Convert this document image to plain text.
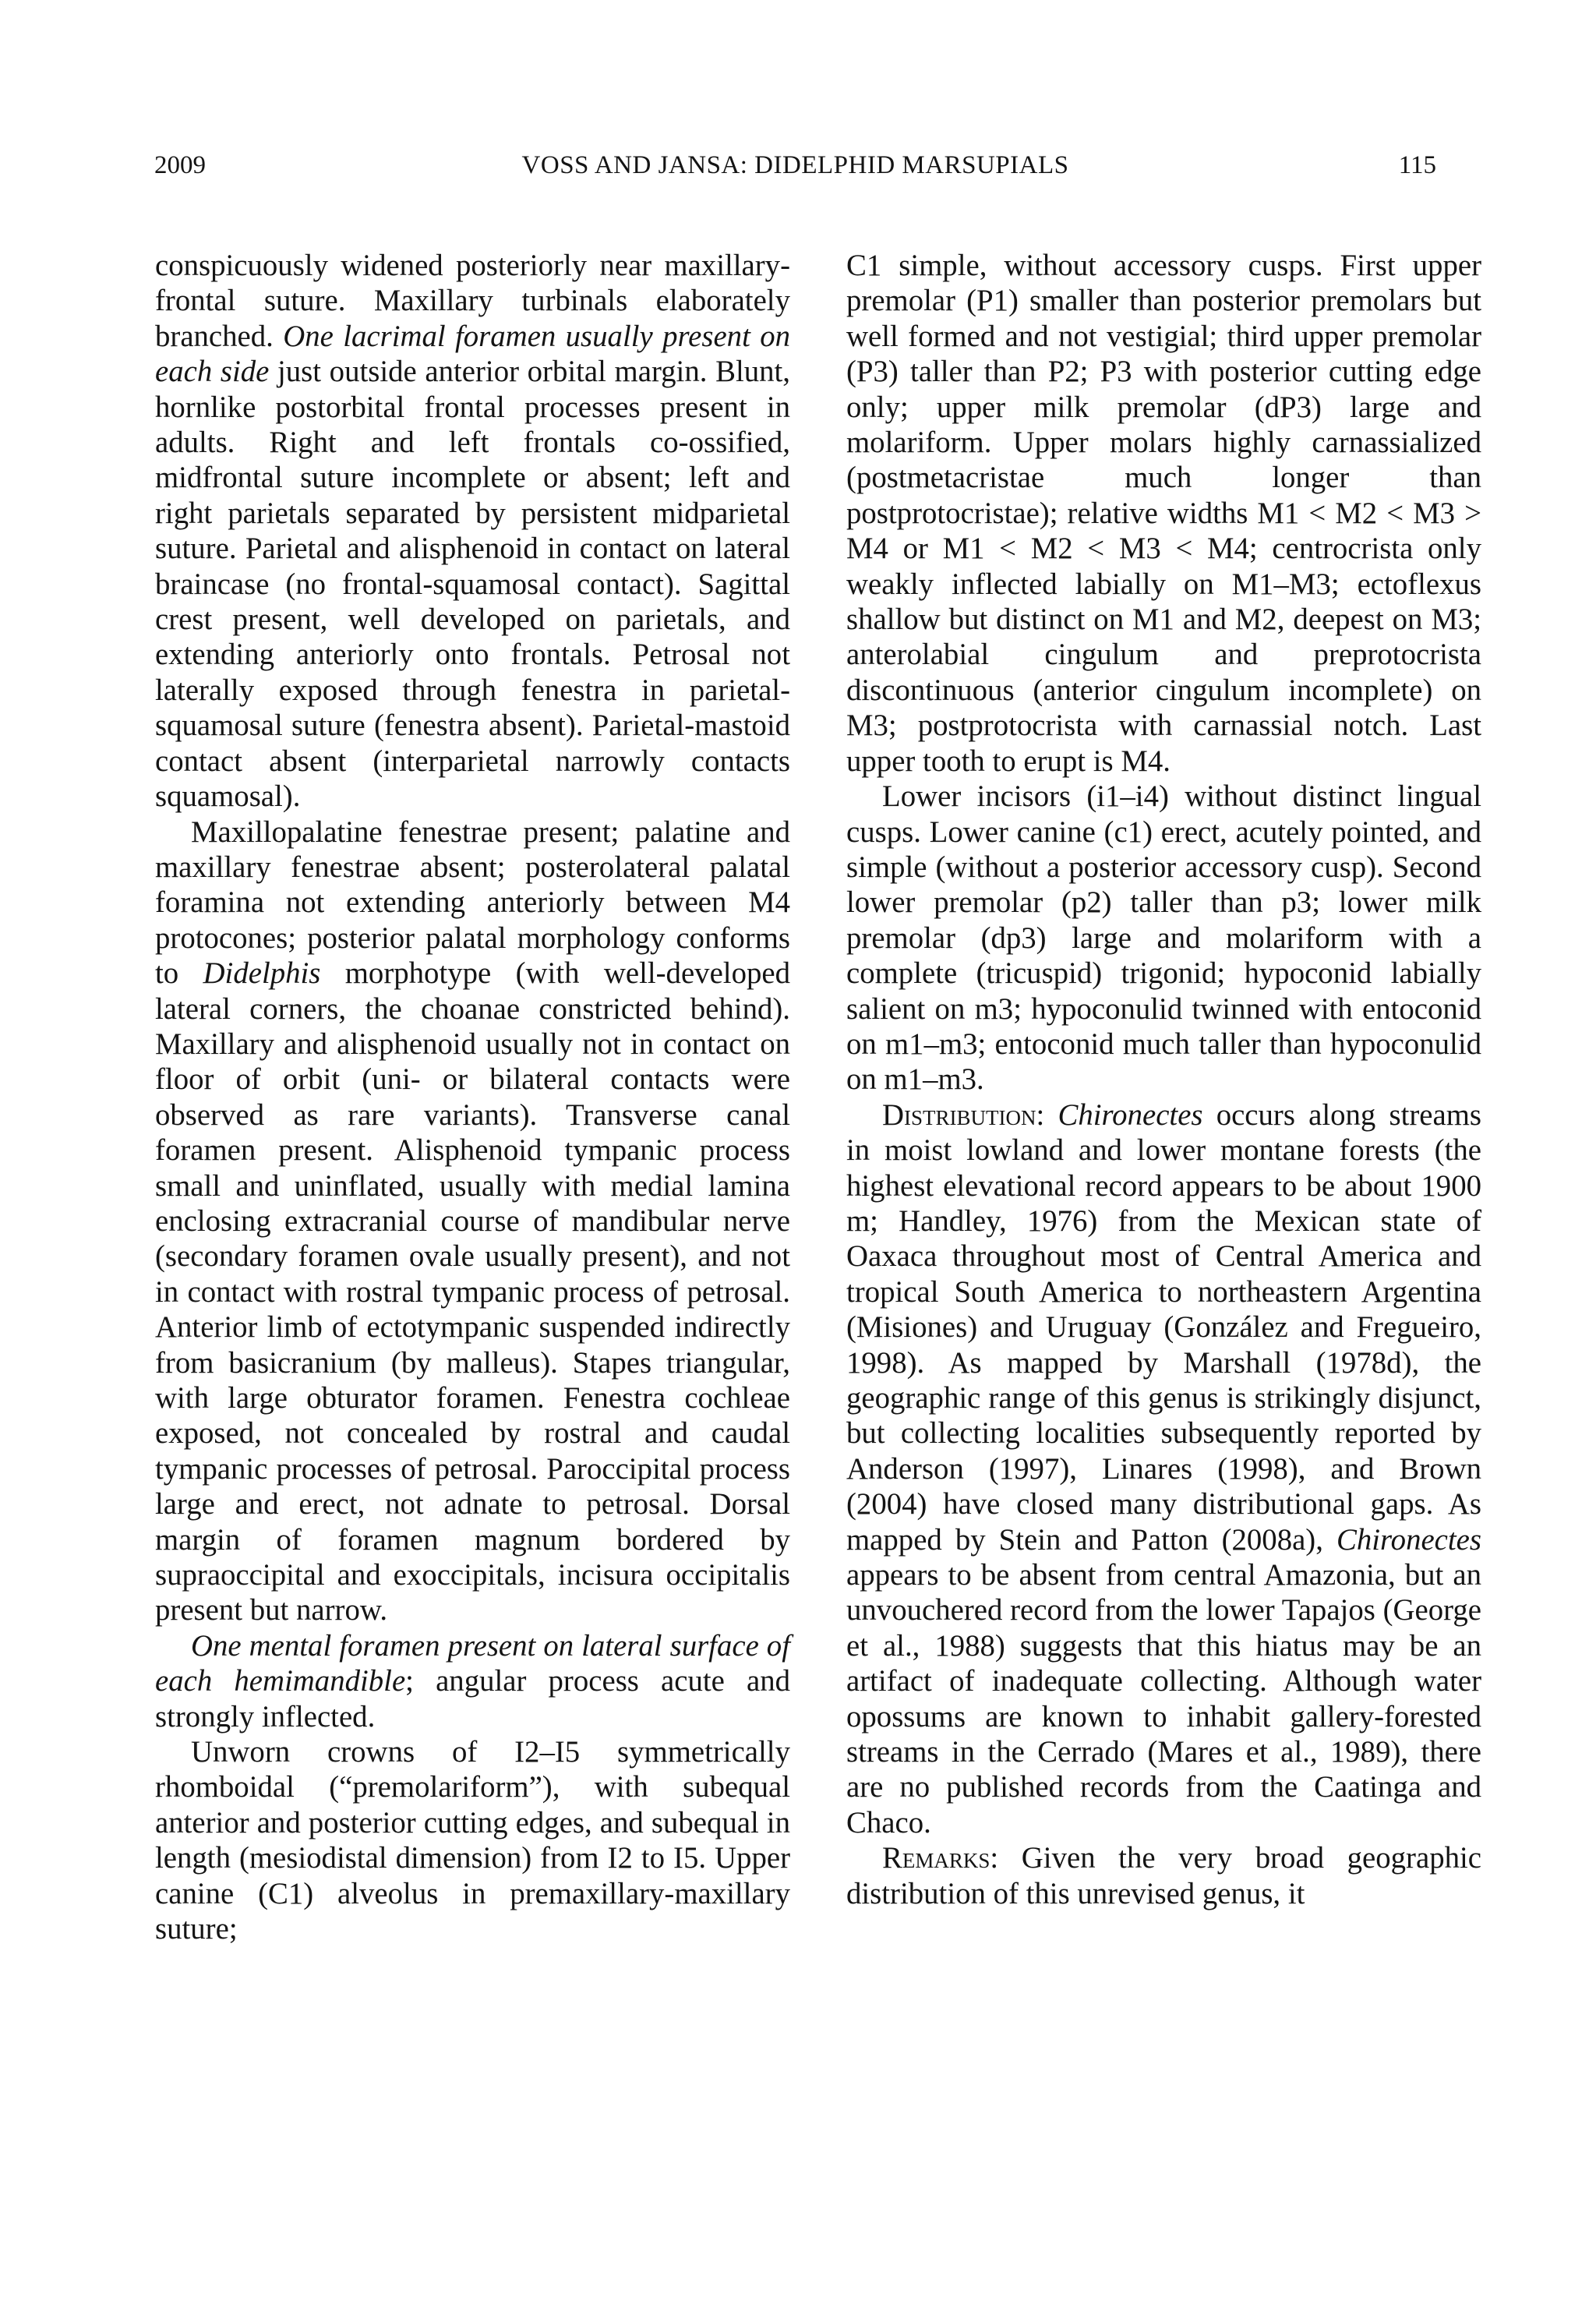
2009	VOSS AND JANSA: DIDELPHID MARSUPIALS	115

conspicuously widened posteriorly near maxillary-frontal suture. Maxillary turbinals elaborately branched. One lacrimal foramen usually present on each side just outside anterior orbital margin. Blunt, hornlike postorbital frontal processes present in adults. Right and left frontals co-ossified, midfrontal suture incomplete or absent; left and right parietals separated by persistent midparietal suture. Parietal and alisphenoid in contact on lateral braincase (no frontal-squamosal contact). Sagittal crest present, well developed on parietals, and extending anteriorly onto frontals. Petrosal not laterally exposed through fenestra in parietal-squamosal suture (fenestra absent). Parietal-mastoid contact absent (interparietal narrowly contacts squamosal).

Maxillopalatine fenestrae present; palatine and maxillary fenestrae absent; posterolateral palatal foramina not extending anteriorly between M4 protocones; posterior palatal morphology conforms to Didelphis morphotype (with well-developed lateral corners, the choanae constricted behind). Maxillary and alisphenoid usually not in contact on floor of orbit (uni- or bilateral contacts were observed as rare variants). Transverse canal foramen present. Alisphenoid tympanic process small and uninflated, usually with medial lamina enclosing extracranial course of mandibular nerve (secondary foramen ovale usually present), and not in contact with rostral tympanic process of petrosal. Anterior limb of ectotympanic suspended indirectly from basicranium (by malleus). Stapes triangular, with large obturator foramen. Fenestra cochleae exposed, not concealed by rostral and caudal tympanic processes of petrosal. Paroccipital process large and erect, not adnate to petrosal. Dorsal margin of foramen magnum bordered by supraoccipital and exoccipitals, incisura occipitalis present but narrow.

One mental foramen present on lateral surface of each hemimandible; angular process acute and strongly inflected.

Unworn crowns of I2–I5 symmetrically rhomboidal (“premolariform”), with subequal anterior and posterior cutting edges, and subequal in length (mesiodistal dimension) from I2 to I5. Upper canine (C1) alveolus in premaxillary-maxillary suture;

C1 simple, without accessory cusps. First upper premolar (P1) smaller than posterior premolars but well formed and not vestigial; third upper premolar (P3) taller than P2; P3 with posterior cutting edge only; upper milk premolar (dP3) large and molariform. Upper molars highly carnassialized (postmetacristae much longer than postprotocristae); relative widths M1 < M2 < M3 > M4 or M1 < M2 < M3 < M4; centrocrista only weakly inflected labially on M1–M3; ectoflexus shallow but distinct on M1 and M2, deepest on M3; anterolabial cingulum and preprotocrista discontinuous (anterior cingulum incomplete) on M3; postprotocrista with carnassial notch. Last upper tooth to erupt is M4.

Lower incisors (i1–i4) without distinct lingual cusps. Lower canine (c1) erect, acutely pointed, and simple (without a posterior accessory cusp). Second lower premolar (p2) taller than p3; lower milk premolar (dp3) large and molariform with a complete (tricuspid) trigonid; hypoconid labially salient on m3; hypoconulid twinned with entoconid on m1–m3; entoconid much taller than hypoconulid on m1–m3.

Distribution: Chironectes occurs along streams in moist lowland and lower montane forests (the highest elevational record appears to be about 1900 m; Handley, 1976) from the Mexican state of Oaxaca throughout most of Central America and tropical South America to northeastern Argentina (Misiones) and Uruguay (González and Fregueiro, 1998). As mapped by Marshall (1978d), the geographic range of this genus is strikingly disjunct, but collecting localities subsequently reported by Anderson (1997), Linares (1998), and Brown (2004) have closed many distributional gaps. As mapped by Stein and Patton (2008a), Chironectes appears to be absent from central Amazonia, but an unvouchered record from the lower Tapajos (George et al., 1988) suggests that this hiatus may be an artifact of inadequate collecting. Although water opossums are known to inhabit gallery-forested streams in the Cerrado (Mares et al., 1989), there are no published records from the Caatinga and Chaco.

Remarks: Given the very broad geographic distribution of this unrevised genus, it
